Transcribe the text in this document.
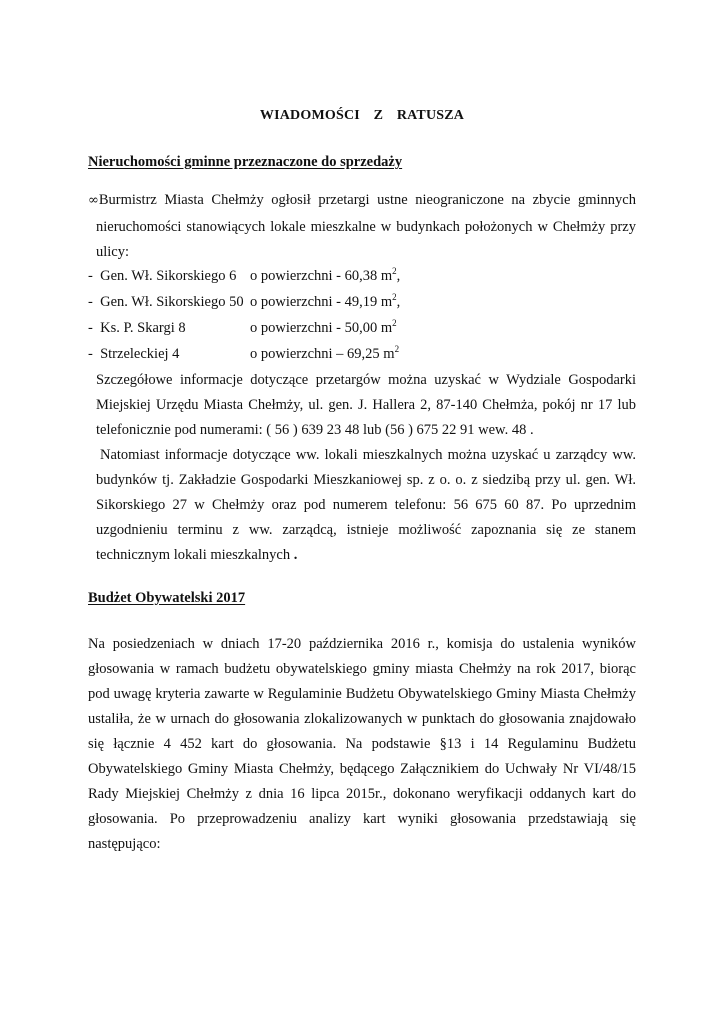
WIADOMOŚCI Z RATUSZA
Nieruchomości gminne przeznaczone do sprzedaży
∞Burmistrz Miasta Chełmży ogłosił przetargi ustne nieograniczone na zbycie gminnych
nieruchomości stanowiących lokale mieszkalne w budynkach położonych w Chełmży przy ulicy:
- Gen. Wł. Sikorskiego 6 o powierzchni - 60,38 $m^2$,
- Gen. Wł. Sikorskiego 50 o powierzchni - 49,19 $m^2$,
- Ks. P. Skargi 8	o powierzchni - 50,00 $m^2$
- Strzeleckiej 4	o powierzchni – 69,25 $m^2$
Szczegółowe informacje dotyczące przetargów można uzyskać w Wydziale Gospodarki Miejskiej Urzędu Miasta Chełmży, ul. gen. J. Hallera 2, 87-140 Chełmża, pokój nr 17 lub telefonicznie pod numerami: ( 56 ) 639 23 48 lub (56 ) 675 22 91 wew. 48 .
Natomiast informacje dotyczące ww. lokali mieszkalnych można uzyskać u zarządcy ww. budynków tj. Zakładzie Gospodarki Mieszkaniowej sp. z o. o. z siedzibą przy ul. gen. Wł. Sikorskiego 27 w Chełmży oraz pod numerem telefonu: 56 675 60 87. Po uprzednim uzgodnieniu terminu z ww. zarządcą, istnieje możliwość zapoznania się ze stanem technicznym lokali mieszkalnych .
Budżet Obywatelski 2017
Na posiedzeniach w dniach 17-20 października 2016 r., komisja do ustalenia wyników głosowania w ramach budżetu obywatelskiego gminy miasta Chełmży na rok 2017, biorąc pod uwagę kryteria zawarte w Regulaminie Budżetu Obywatelskiego Gminy Miasta Chełmży ustaliła, że w urnach do głosowania zlokalizowanych w punktach do głosowania znajdowało się łącznie 4 452 kart do głosowania. Na podstawie §13 i 14 Regulaminu Budżetu Obywatelskiego Gminy Miasta Chełmży, będącego Załącznikiem do Uchwały Nr VI/48/15 Rady Miejskiej Chełmży z dnia 16 lipca 2015r., dokonano weryfikacji oddanych kart do głosowania. Po przeprowadzeniu analizy kart wyniki głosowania przedstawiają się następująco:
